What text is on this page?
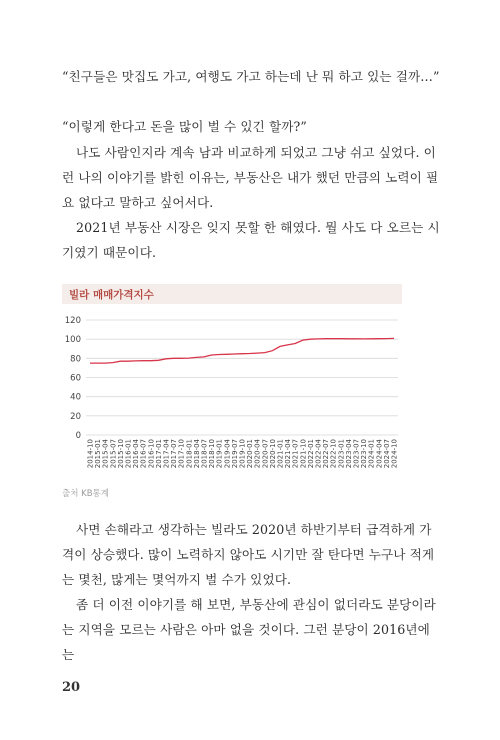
“친구들은 맛집도 가고, 여행도 가고 하는데 난 뭐 하고 있는 걸까…”

“이렇게 한다고 돈을 많이 벌 수 있긴 할까?”

나도 사람인지라 계속 남과 비교하게 되었고 그냥 쉬고 싶었다. 이런 나의 이야기를 밝힌 이유는, 부동산은 내가 했던 만큼의 노력이 필요 없다고 말하고 싶어서다.

2021년 부동산 시장은 잊지 못할 한 해였다. 뭘 사도 다 오르는 시기였기 때문이다.

빌라 매매가격지수
0
20
40
60
80
100
120
2014-10 2015-01 2015-04 2015-07 2015-10 2016-01 2016-04 2016-07 2016-10 2017-01 2017-04 2017-07 2017-10 2018-01 2018-04 2018-07 2018-10 2019-01 2019-04 2019-07 2019-10 2020-01 2020-04 2020-07 2020-10 2021-01 2021-04 2021-07 2021-10 2022-01 2022-04 2022-07 2022-10 2023-01 2023-04 2023-07 2023-10 2024-01 2024-04 2024-07 2024-10
출처 KB통계

사면 손해라고 생각하는 빌라도 2020년 하반기부터 급격하게 가격이 상승했다. 많이 노력하지 않아도 시기만 잘 탄다면 누구나 적게는 몇천, 많게는 몇억까지 벌 수가 있었다.

좀 더 이전 이야기를 해 보면, 부동산에 관심이 없더라도 분당이라는 지역을 모르는 사람은 아마 없을 것이다. 그런 분당이 2016년에는

20
